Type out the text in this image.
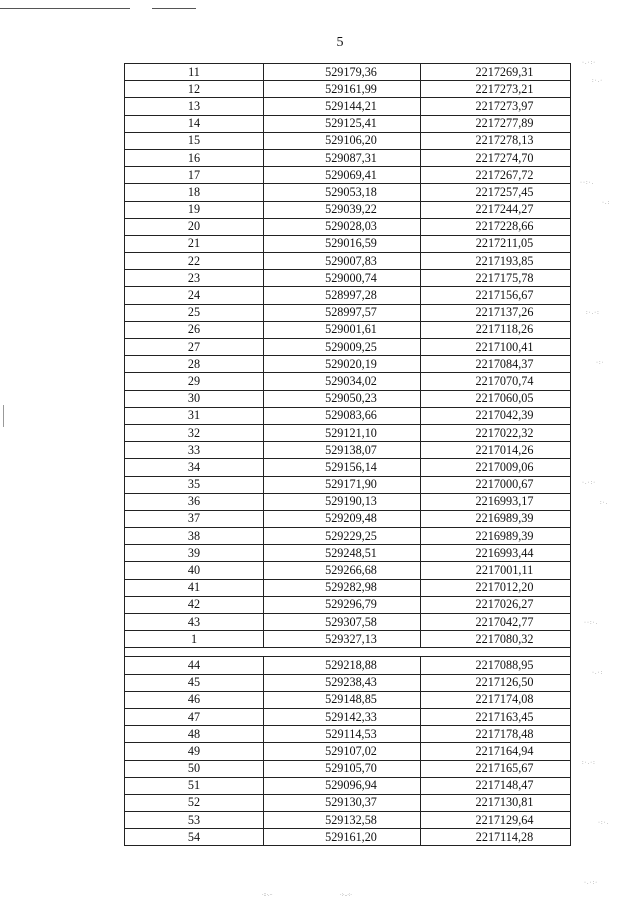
5
11	529179,36	2217269,31
12	529161,99	2217273,21
13	529144,21	2217273,97
14	529125,41	2217277,89
15	529106,20	2217278,13
16	529087,31	2217274,70
17	529069,41	2217267,72
18	529053,18	2217257,45
19	529039,22	2217244,27
20	529028,03	2217228,66
21	529016,59	2217211,05
22	529007,83	2217193,85
23	529000,74	2217175,78
24	528997,28	2217156,67
25	528997,57	2217137,26
26	529001,61	2217118,26
27	529009,25	2217100,41
28	529020,19	2217084,37
29	529034,02	2217070,74
30	529050,23	2217060,05
31	529083,66	2217042,39
32	529121,10	2217022,32
33	529138,07	2217014,26
34	529156,14	2217009,06
35	529171,90	2217000,67
36	529190,13	2216993,17
37	529209,48	2216989,39
38	529229,25	2216989,39
39	529248,51	2216993,44
40	529266,68	2217001,11
41	529282,98	2217012,20
42	529296,79	2217026,27
43	529307,58	2217042,77
1	529327,13	2217080,32

44	529218,88	2217088,95
45	529238,43	2217126,50
46	529148,85	2217174,08
47	529142,33	2217163,45
48	529114,53	2217178,48
49	529107,02	2217164,94
50	529105,70	2217165,67
51	529096,94	2217148,47
52	529130,37	2217130,81
53	529132,58	2217129,64
54	529161,20	2217114,28
·.·:·
:·.·
··:·.
·.:
:·.·:
·:·
·.·:·
:·.
··:·.
·.·:
:·.·:
·:·.
·.·:·
·::·.··	·:·..·:·
